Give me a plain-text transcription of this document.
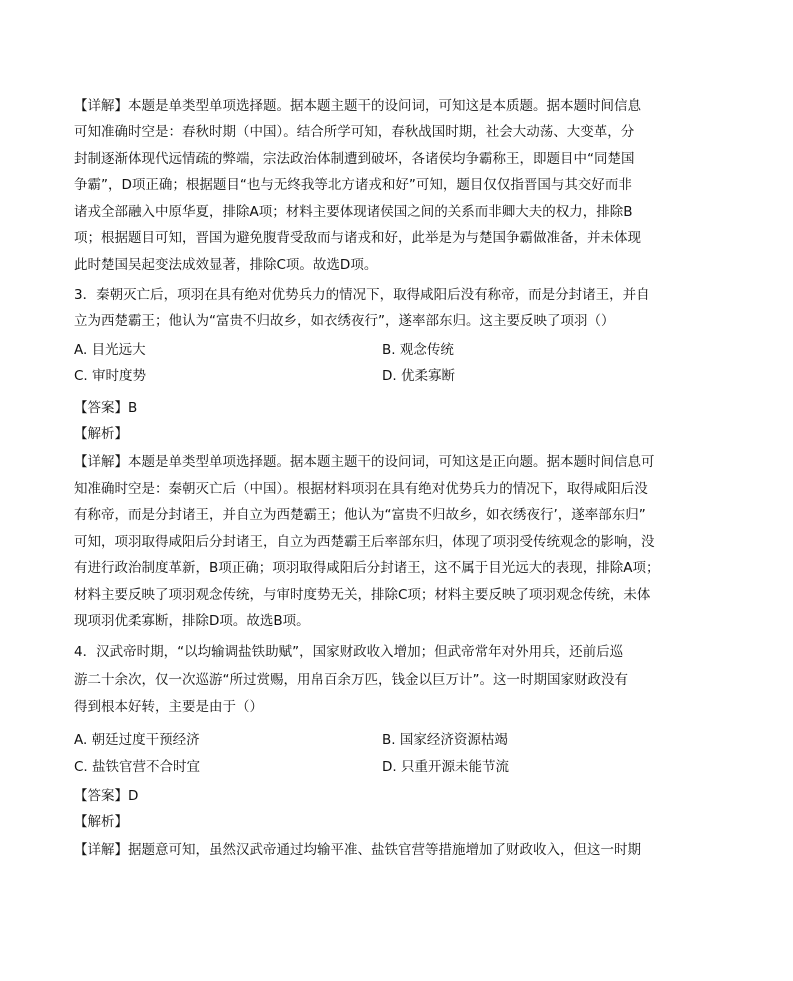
【详解】本题是单类型单项选择题。据本题主题干的设问词，可知这是本质题。据本题时间信息
可知准确时空是：春秋时期（中国）。结合所学可知，春秋战国时期，社会大动荡、大变革，分
封制逐渐体现代远情疏的弊端，宗法政治体制遭到破坏，各诸侯均争霸称王，即题目中“同楚国
争霸”，D项正确；根据题目“也与无终我等北方诸戎和好”可知，题目仅仅指晋国与其交好而非
诸戎全部融入中原华夏，排除A项；材料主要体现诸侯国之间的关系而非卿大夫的权力，排除B
项；根据题目可知，晋国为避免腹背受敌而与诸戎和好，此举是为与楚国争霸做准备，并未体现
此时楚国吴起变法成效显著，排除C项。故选D项。
3．秦朝灭亡后，项羽在具有绝对优势兵力的情况下，取得咸阳后没有称帝，而是分封诸王，并自
立为西楚霸王；他认为“富贵不归故乡，如衣绣夜行”，遂率部东归。这主要反映了项羽（）
A. 目光远大	B. 观念传统
C. 审时度势	D. 优柔寡断
【答案】B
【解析】
【详解】本题是单类型单项选择题。据本题主题干的设问词，可知这是正向题。据本题时间信息可
知准确时空是：秦朝灭亡后（中国）。根据材料项羽在具有绝对优势兵力的情况下，取得咸阳后没
有称帝，而是分封诸王，并自立为西楚霸王；他认为“富贵不归故乡，如衣绣夜行’，遂率部东归”
可知，项羽取得咸阳后分封诸王，自立为西楚霸王后率部东归，体现了项羽受传统观念的影响，没
有进行政治制度革新，B项正确；项羽取得咸阳后分封诸王，这不属于目光远大的表现，排除A项；
材料主要反映了项羽观念传统，与审时度势无关，排除C项；材料主要反映了项羽观念传统，未体
现项羽优柔寡断，排除D项。故选B项。
4．汉武帝时期，“以均输调盐铁助赋”，国家财政收入增加；但武帝常年对外用兵，还前后巡
游二十余次，仅一次巡游“所过赏赐，用帛百余万匹，钱金以巨万计”。这一时期国家财政没有
得到根本好转，主要是由于（）
A. 朝廷过度干预经济	B. 国家经济资源枯竭
C. 盐铁官营不合时宜	D. 只重开源未能节流
【答案】D
【解析】
【详解】据题意可知，虽然汉武帝通过均输平准、盐铁官营等措施增加了财政收入，但这一时期
